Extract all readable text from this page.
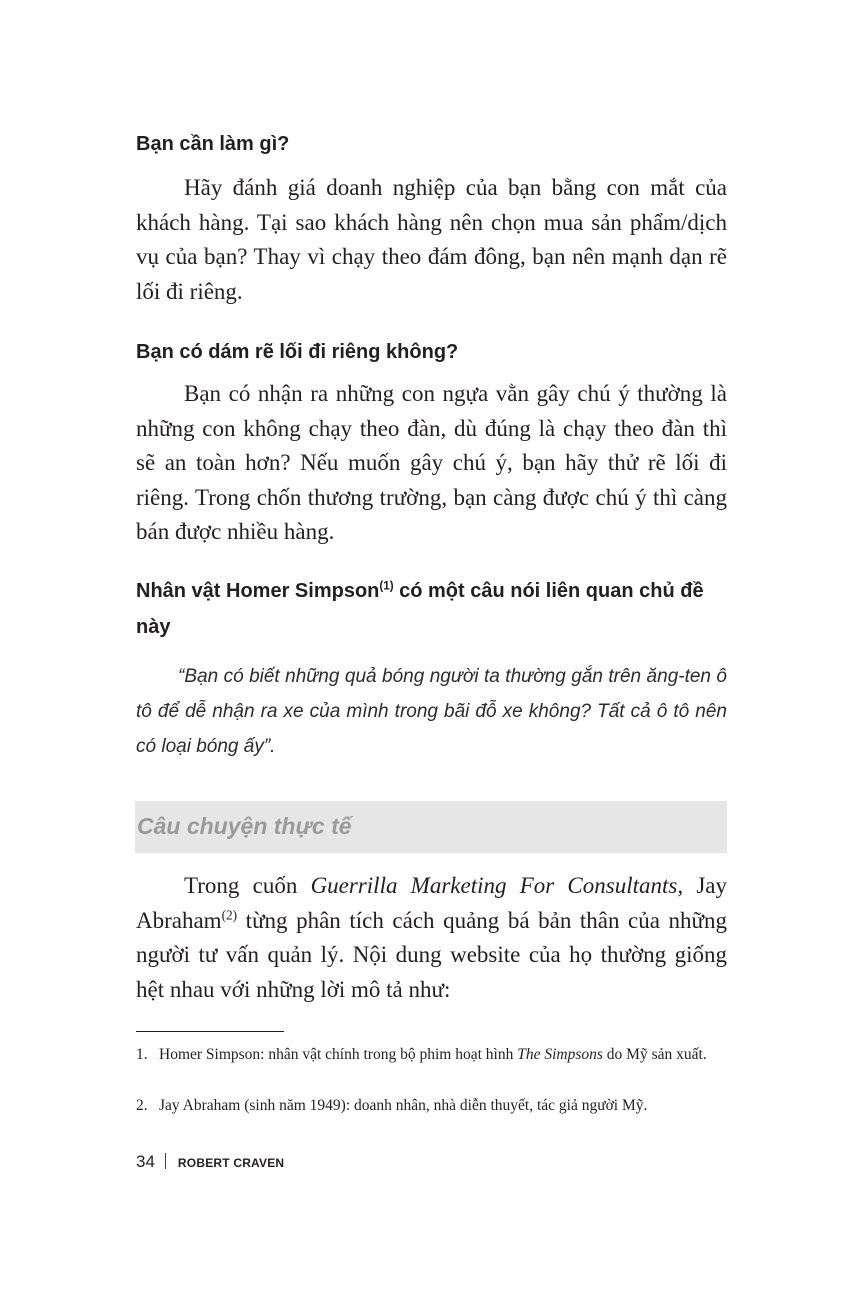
Bạn cần làm gì?

Hãy đánh giá doanh nghiệp của bạn bằng con mắt của khách hàng. Tại sao khách hàng nên chọn mua sản phẩm/dịch vụ của bạn? Thay vì chạy theo đám đông, bạn nên mạnh dạn rẽ lối đi riêng.

Bạn có dám rẽ lối đi riêng không?

Bạn có nhận ra những con ngựa vằn gây chú ý thường là những con không chạy theo đàn, dù đúng là chạy theo đàn thì sẽ an toàn hơn? Nếu muốn gây chú ý, bạn hãy thử rẽ lối đi riêng. Trong chốn thương trường, bạn càng được chú ý thì càng bán được nhiều hàng.

Nhân vật Homer Simpson$^{(1)}$ có một câu nói liên quan chủ đề này

“Bạn có biết những quả bóng người ta thường gắn trên ăng-ten ô tô để dễ nhận ra xe của mình trong bãi đỗ xe không? Tất cả ô tô nên có loại bóng ấy”.

Câu chuyện thực tế

Trong cuốn Guerrilla Marketing For Consultants, Jay Abraham$^{(2)}$ từng phân tích cách quảng bá bản thân của những người tư vấn quản lý. Nội dung website của họ thường giống hệt nhau với những lời mô tả như:

1. Homer Simpson: nhân vật chính trong bộ phim hoạt hình The Simpsons do Mỹ sản xuất.
2. Jay Abraham (sinh năm 1949): doanh nhân, nhà diễn thuyết, tác giả người Mỹ.
34 ROBERT CRAVEN
